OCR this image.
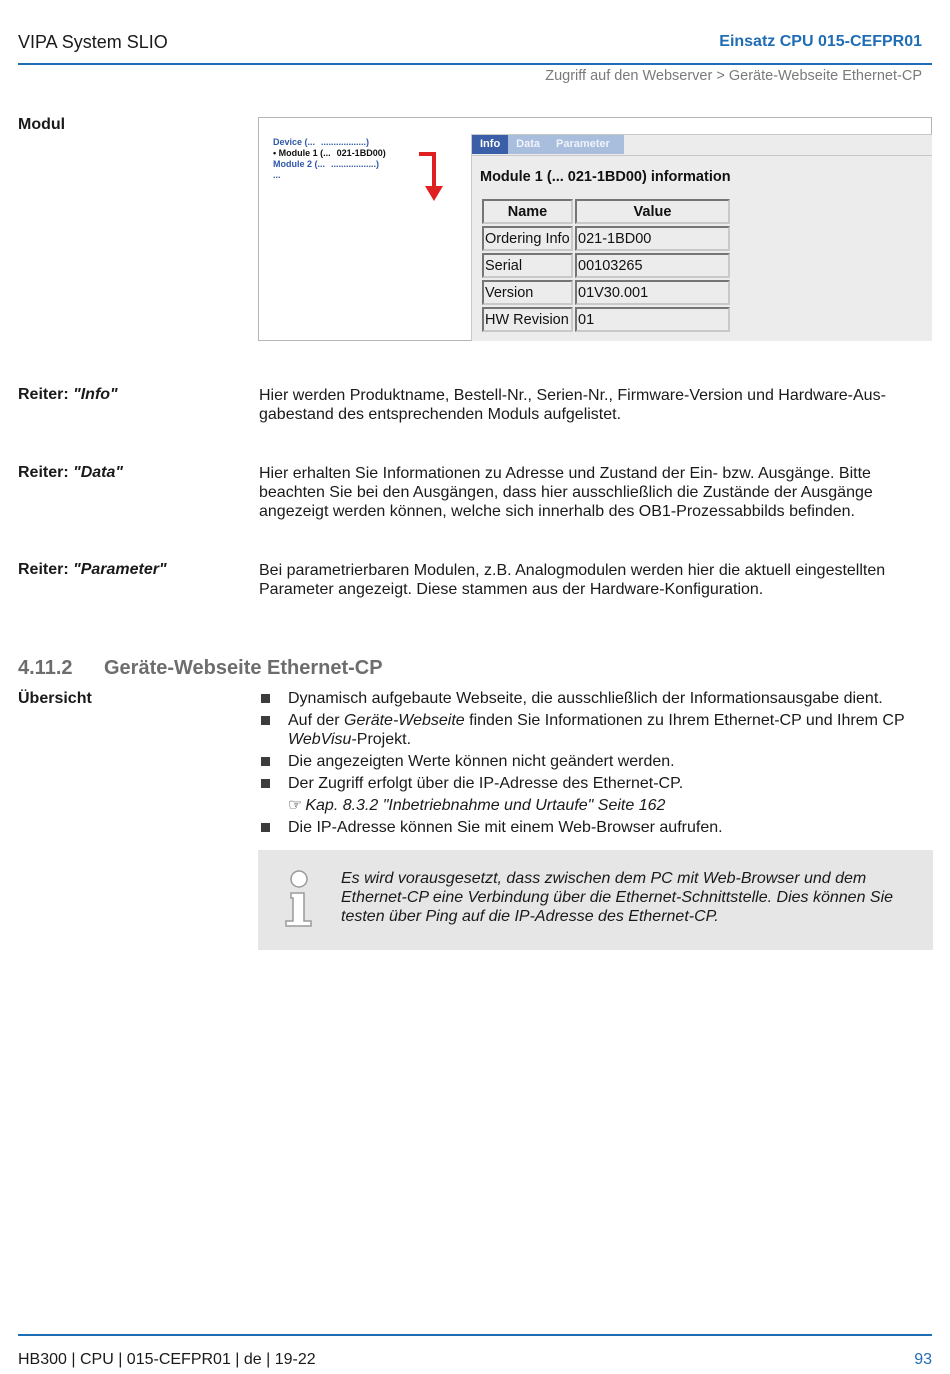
VIPA System SLIO	Einsatz CPU 015-CEFPR01
Zugriff auf den Webserver > Geräte-Webseite Ethernet-CP
Modul
Device (... ..................)
• Module 1 (... 021-1BD00)
Module 2 (... ..................)
...
Info	Data	Parameter
Module 1 (... 021-1BD00) information
Name	Value
Ordering Info	021-1BD00
Serial	00103265
Version	01V30.001
HW Revision	01
Reiter: "Info"	Hier werden Produktname, Bestell-Nr., Serien-Nr., Firmware-Version und Hardware-Aus- gabestand des entsprechenden Moduls aufgelistet.
Reiter: "Data"	Hier erhalten Sie Informationen zu Adresse und Zustand der Ein- bzw. Ausgänge. Bitte beachten Sie bei den Ausgängen, dass hier ausschließlich die Zustände der Ausgänge angezeigt werden können, welche sich innerhalb des OB1-Prozessabbilds befinden.
Reiter: "Parameter"	Bei parametrierbaren Modulen, z.B. Analogmodulen werden hier die aktuell eingestellten Parameter angezeigt. Diese stammen aus der Hardware-Konfiguration.
4.11.2 Geräte-Webseite Ethernet-CP
Übersicht	Dynamisch aufgebaute Webseite, die ausschließlich der Informationsausgabe dient.
Auf der Geräte-Webseite finden Sie Informationen zu Ihrem Ethernet-CP und Ihrem CP WebVisu-Projekt.
Die angezeigten Werte können nicht geändert werden.
Der Zugriff erfolgt über die IP-Adresse des Ethernet-CP.
☞ Kap. 8.3.2 "Inbetriebnahme und Urtaufe" Seite 162
Die IP-Adresse können Sie mit einem Web-Browser aufrufen.
Es wird vorausgesetzt, dass zwischen dem PC mit Web-Browser und dem Ethernet-CP eine Verbindung über die Ethernet-Schnittstelle. Dies können Sie testen über Ping auf die IP-Adresse des Ethernet-CP.
HB300 | CPU | 015-CEFPR01 | de | 19-22	93
